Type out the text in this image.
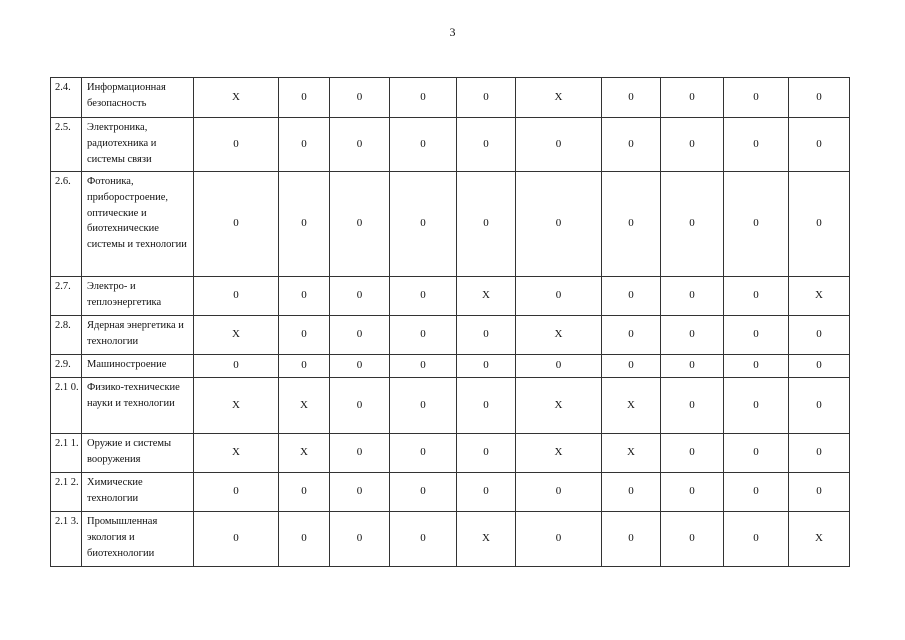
3
2.4.	Информационная безопасность	X	0	0	0	0	X	0	0	0	0
2.5.	Электроника, радиотехника и системы связи	0	0	0	0	0	0	0	0	0	0
2.6.	Фотоника, приборостроение, оптические и биотехнические системы и технологии	0	0	0	0	0	0	0	0	0	0
2.7.	Электро- и теплоэнергетика	0	0	0	0	X	0	0	0	0	X
2.8.	Ядерная энергетика и технологии	X	0	0	0	0	X	0	0	0	0
2.9.	Машиностроение	0	0	0	0	0	0	0	0	0	0
2.1 0.	Физико-технические науки и технологии	X	X	0	0	0	X	X	0	0	0
2.1 1.	Оружие и системы вооружения	X	X	0	0	0	X	X	0	0	0
2.1 2.	Химические технологии	0	0	0	0	0	0	0	0	0	0
2.1 3.	Промышленная экология и биотехнологии	0	0	0	0	X	0	0	0	0	X
